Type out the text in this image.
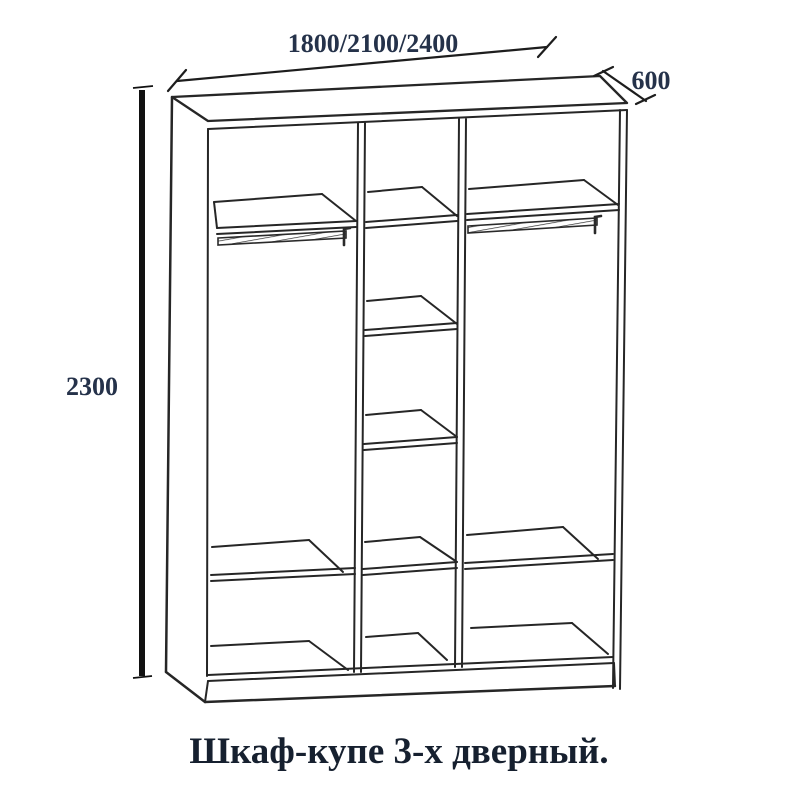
1800/2100/2400
600
2300
Шкаф-купе 3-х дверный.
